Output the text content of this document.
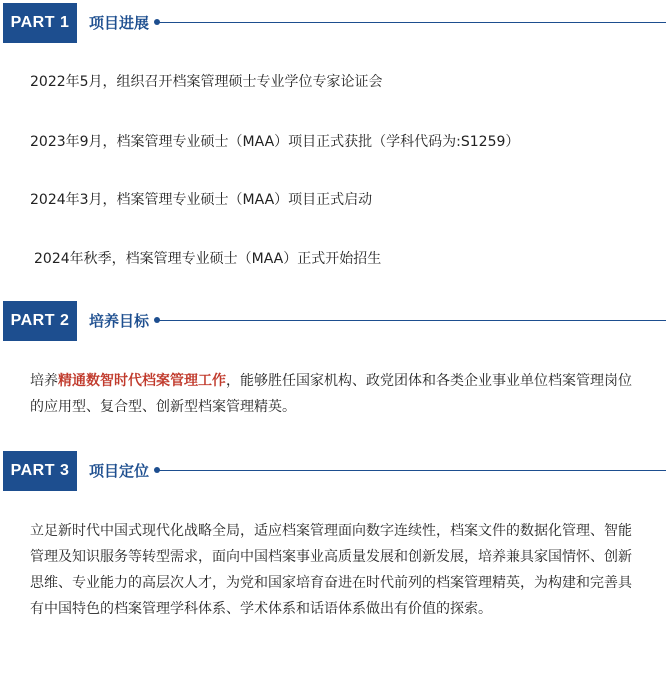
PART 1	项目进展
2022年5月，组织召开档案管理硕士专业学位专家论证会
2023年9月，档案管理专业硕士（MAA）项目正式获批（学科代码为:S1259）
2024年3月，档案管理专业硕士（MAA）项目正式启动
2024年秋季，档案管理专业硕士（MAA）正式开始招生
PART 2	培养目标

培养精通数智时代档案管理工作，能够胜任国家机构、政党团体和各类企业事业单位档案管理岗位的应用型、复合型、创新型档案管理精英。

PART 3	项目定位

立足新时代中国式现代化战略全局，适应档案管理面向数字连续性，档案文件的数据化管理、智能管理及知识服务等转型需求，面向中国档案事业高质量发展和创新发展，培养兼具家国情怀、创新思维、专业能力的高层次人才，为党和国家培育奋进在时代前列的档案管理精英，为构建和完善具有中国特色的档案管理学科体系、学术体系和话语体系做出有价值的探索。
